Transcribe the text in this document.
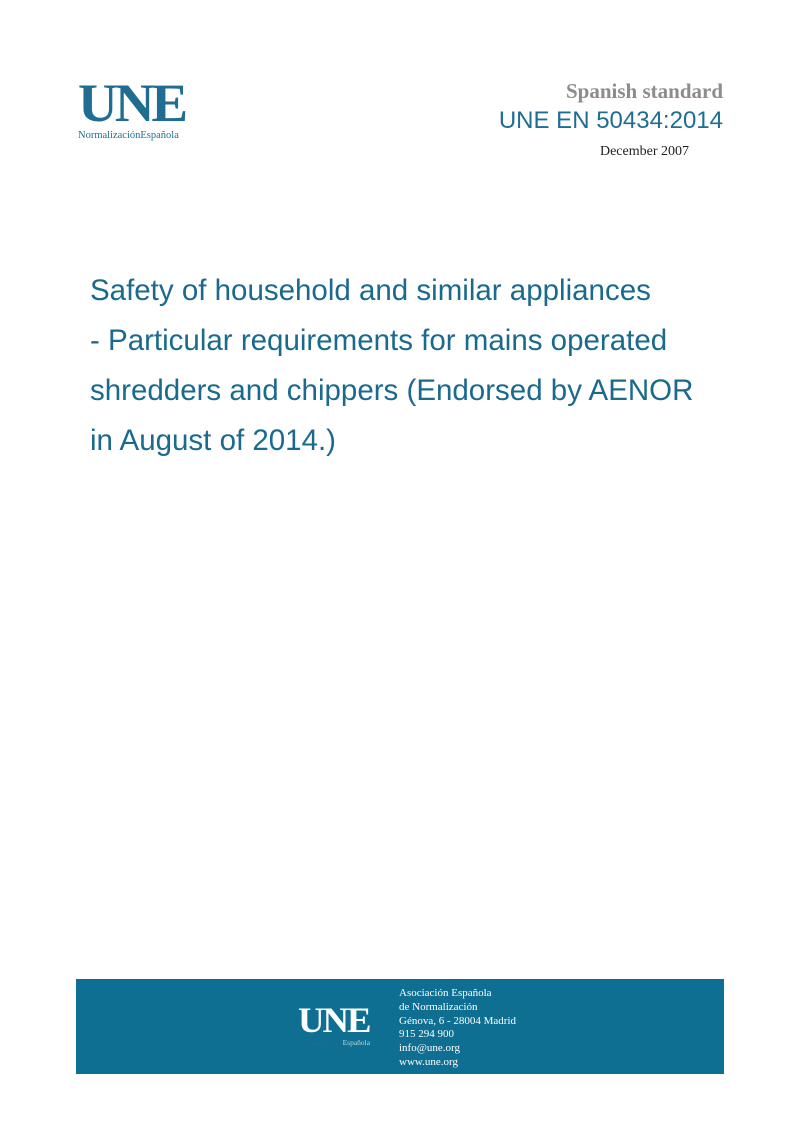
UNE
NormalizaciónEspañola
Spanish standard
UNE EN 50434:2014
December 2007
Safety of household and similar appliances
- Particular requirements for mains operated
shredders and chippers (Endorsed by AENOR
in August of 2014.)
UNE
NormalizaciónEspañola
Asociación Española
de Normalización
Génova, 6 - 28004 Madrid
915 294 900
info@une.org
www.une.org
